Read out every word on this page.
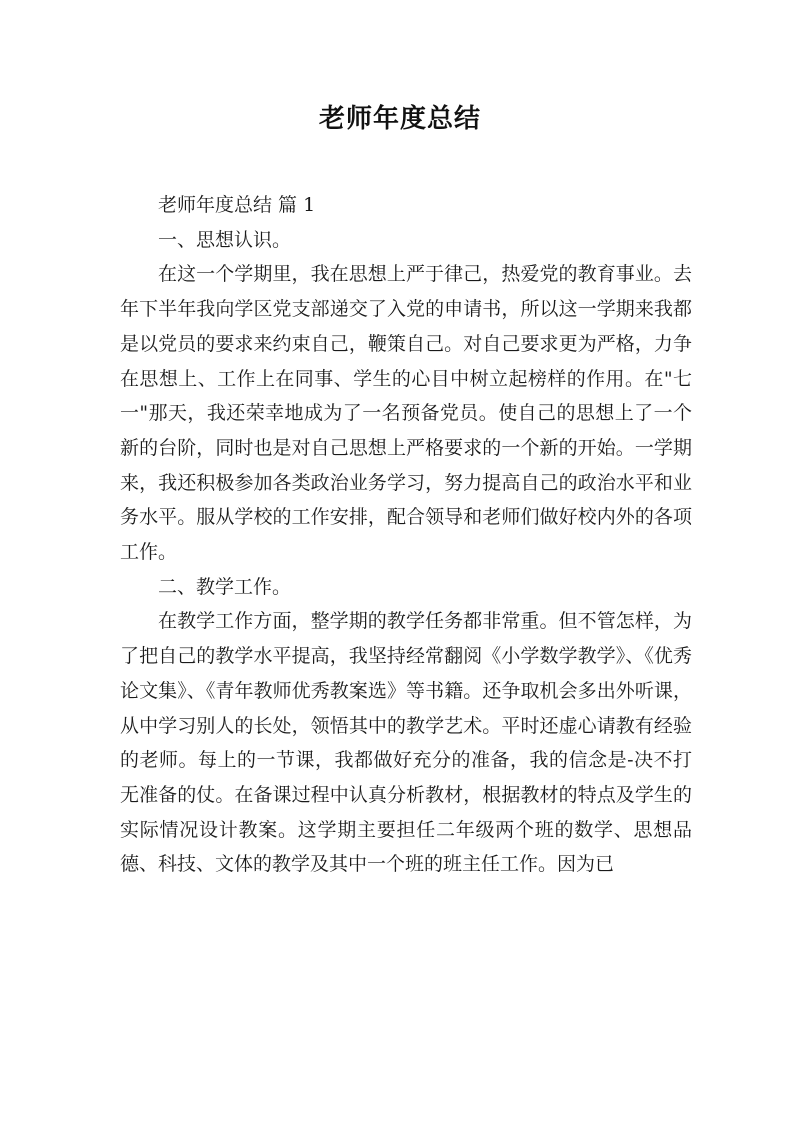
老师年度总结

老师年度总结 篇 1

一、思想认识。

在这一个学期里，我在思想上严于律己，热爱党的教育事业。去年下半年我向学区党支部递交了入党的申请书，所以这一学期来我都是以党员的要求来约束自己，鞭策自己。对自己要求更为严格，力争在思想上、工作上在同事、学生的心目中树立起榜样的作用。在"七一"那天，我还荣幸地成为了一名预备党员。使自己的思想上了一个新的台阶，同时也是对自己思想上严格要求的一个新的开始。一学期来，我还积极参加各类政治业务学习，努力提高自己的政治水平和业务水平。服从学校的工作安排，配合领导和老师们做好校内外的各项工作。

二、教学工作。

在教学工作方面，整学期的教学任务都非常重。但不管怎样，为了把自己的教学水平提高，我坚持经常翻阅《小学数学教学》、《优秀论文集》、《青年教师优秀教案选》等书籍。还争取机会多出外听课，从中学习别人的长处，领悟其中的教学艺术。平时还虚心请教有经验的老师。每上的一节课，我都做好充分的准备，我的信念是-决不打无准备的仗。在备课过程中认真分析教材，根据教材的特点及学生的实际情况设计教案。这学期主要担任二年级两个班的数学、思想品德、科技、文体的教学及其中一个班的班主任工作。因为已
